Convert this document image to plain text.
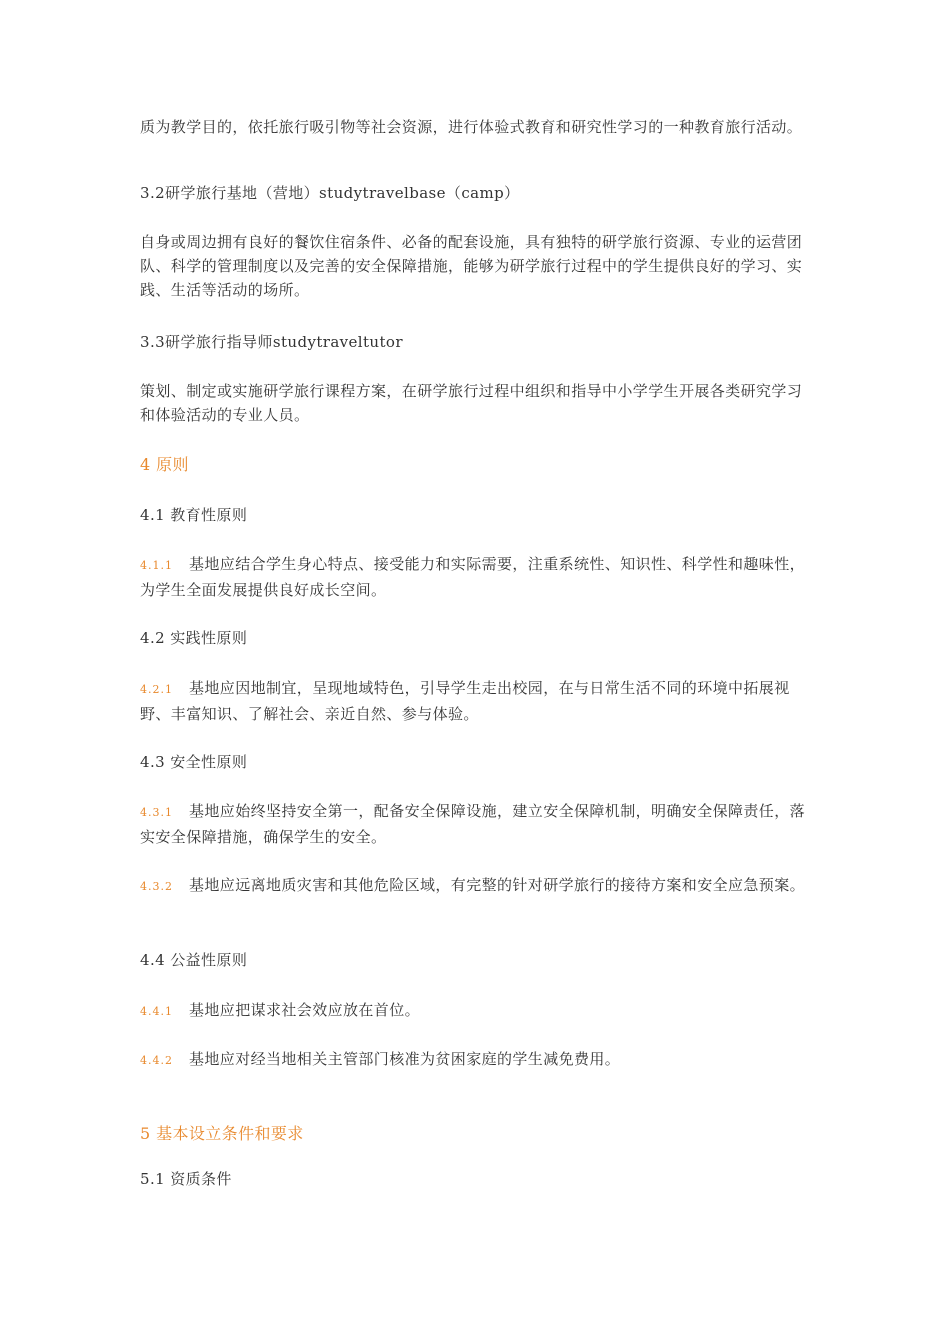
质为教学目的，依托旅行吸引物等社会资源，进行体验式教育和研究性学习的一种教育旅行活动。

3.2研学旅行基地（营地）studytravelbase（camp）

自身或周边拥有良好的餐饮住宿条件、必备的配套设施，具有独特的研学旅行资源、专业的运营团队、科学的管理制度以及完善的安全保障措施，能够为研学旅行过程中的学生提供良好的学习、实践、生活等活动的场所。

3.3研学旅行指导师studytraveltutor

策划、制定或实施研学旅行课程方案，在研学旅行过程中组织和指导中小学学生开展各类研究学习和体验活动的专业人员。

4 原则

4.1 教育性原则

4.1.1 基地应结合学生身心特点、接受能力和实际需要，注重系统性、知识性、科学性和趣味性，为学生全面发展提供良好成长空间。

4.2 实践性原则

4.2.1 基地应因地制宜，呈现地域特色，引导学生走出校园，在与日常生活不同的环境中拓展视野、丰富知识、了解社会、亲近自然、参与体验。

4.3 安全性原则

4.3.1 基地应始终坚持安全第一，配备安全保障设施，建立安全保障机制，明确安全保障责任，落实安全保障措施，确保学生的安全。

4.3.2 基地应远离地质灾害和其他危险区域，有完整的针对研学旅行的接待方案和安全应急预案。

4.4 公益性原则

4.4.1 基地应把谋求社会效应放在首位。

4.4.2 基地应对经当地相关主管部门核准为贫困家庭的学生减免费用。

5 基本设立条件和要求

5.1 资质条件
